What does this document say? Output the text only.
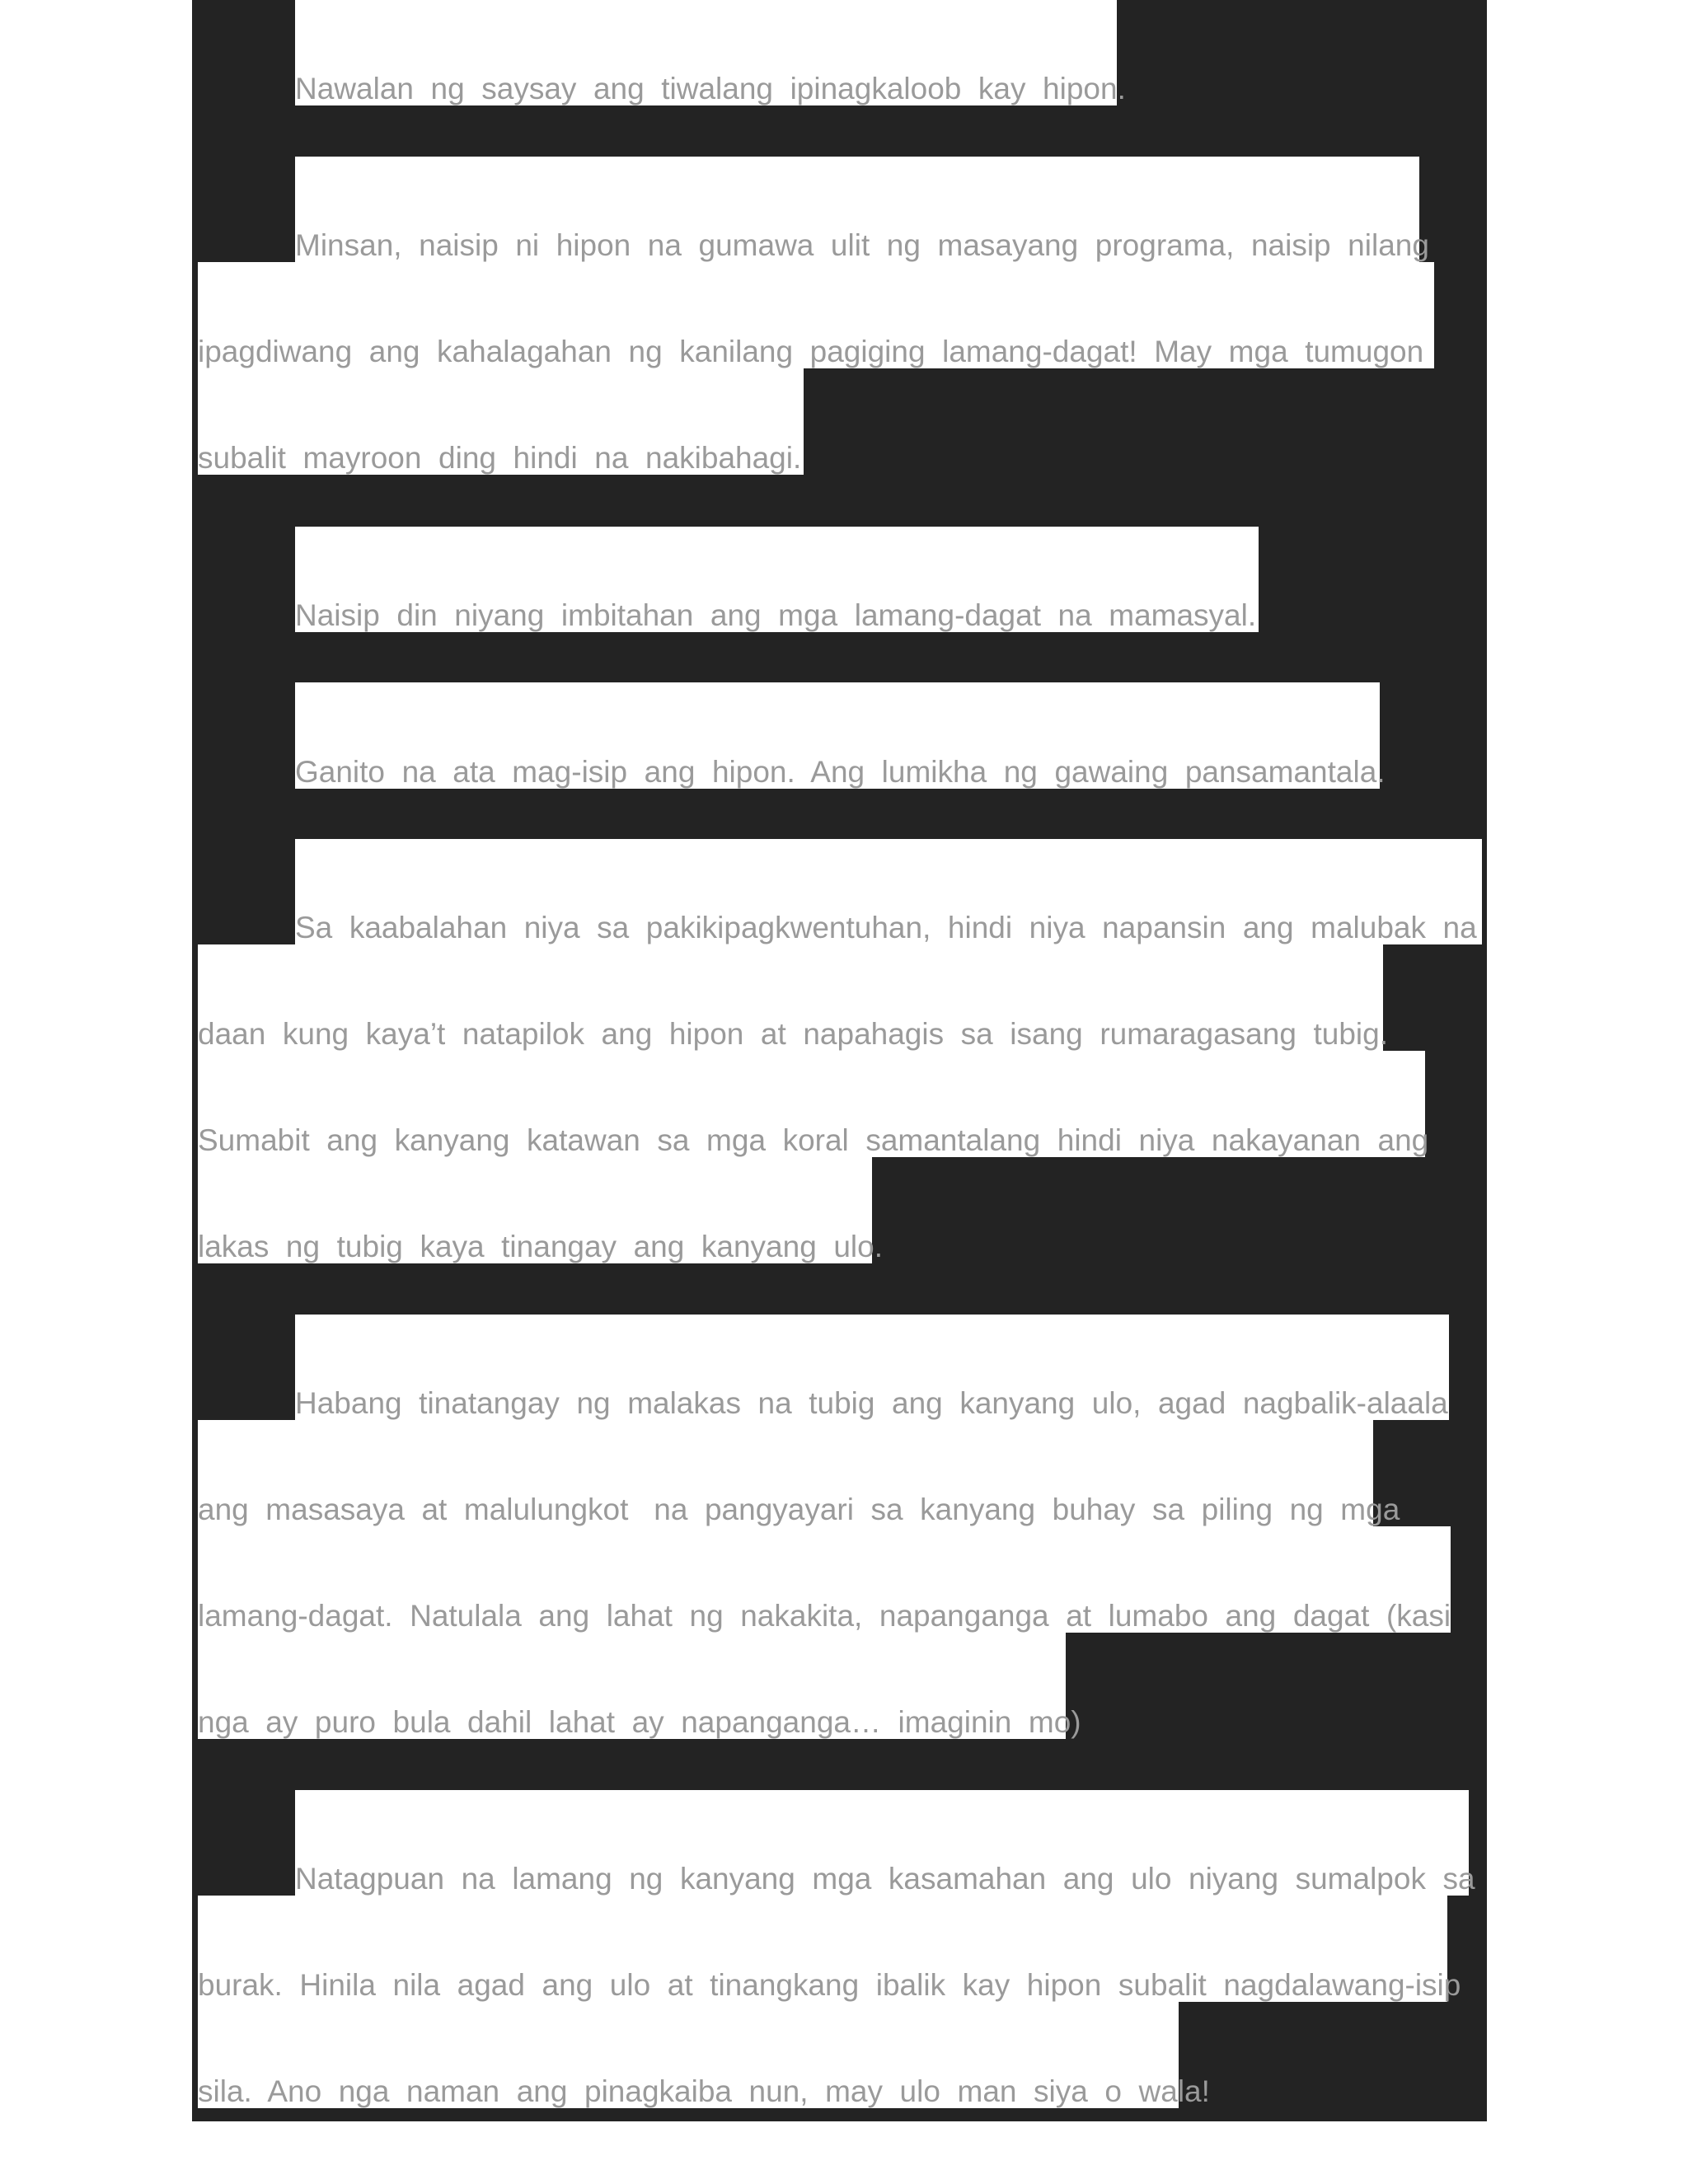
Nawalan  ng  saysay  ang  tiwalang  ipinagkaloob  kay  hipon.
Minsan,  naisip  ni  hipon  na  gumawa  ulit  ng  masayang  programa,  naisip  nilang
ipagdiwang  ang  kahalagahan  ng  kanilang  pagiging  lamang-dagat!  May  mga  tumugon
subalit  mayroon  ding  hindi  na  nakibahagi.
Naisip  din  niyang  imbitahan  ang  mga  lamang-dagat  na  mamasyal.
Ganito  na  ata  mag-isip  ang  hipon.  Ang  lumikha  ng  gawaing  pansamantala.
Sa  kaabalahan  niya  sa  pakikipagkwentuhan,  hindi  niya  napansin  ang  malubak  na
daan  kung  kaya’t  natapilok  ang  hipon  at  napahagis  sa  isang  rumaragasang  tubig.
Sumabit  ang  kanyang  katawan  sa  mga  koral  samantalang  hindi  niya  nakayanan  ang
lakas  ng  tubig  kaya  tinangay  ang  kanyang  ulo.
Habang  tinatangay  ng  malakas  na  tubig  ang  kanyang  ulo,  agad  nagbalik-alaala
ang  masasaya  at  malulungkot   na  pangyayari  sa  kanyang  buhay  sa  piling  ng  mga
lamang-dagat.  Natulala  ang  lahat  ng  nakakita,  napanganga  at  lumabo  ang  dagat  (kasi
nga  ay  puro  bula  dahil  lahat  ay  napanganga…  imaginin  mo)
Natagpuan  na  lamang  ng  kanyang  mga  kasamahan  ang  ulo  niyang  sumalpok  sa
burak.  Hinila  nila  agad  ang  ulo  at  tinangkang  ibalik  kay  hipon  subalit  nagdalawang-isip
sila.  Ano  nga  naman  ang  pinagkaiba  nun,  may  ulo  man  siya  o  wala!
